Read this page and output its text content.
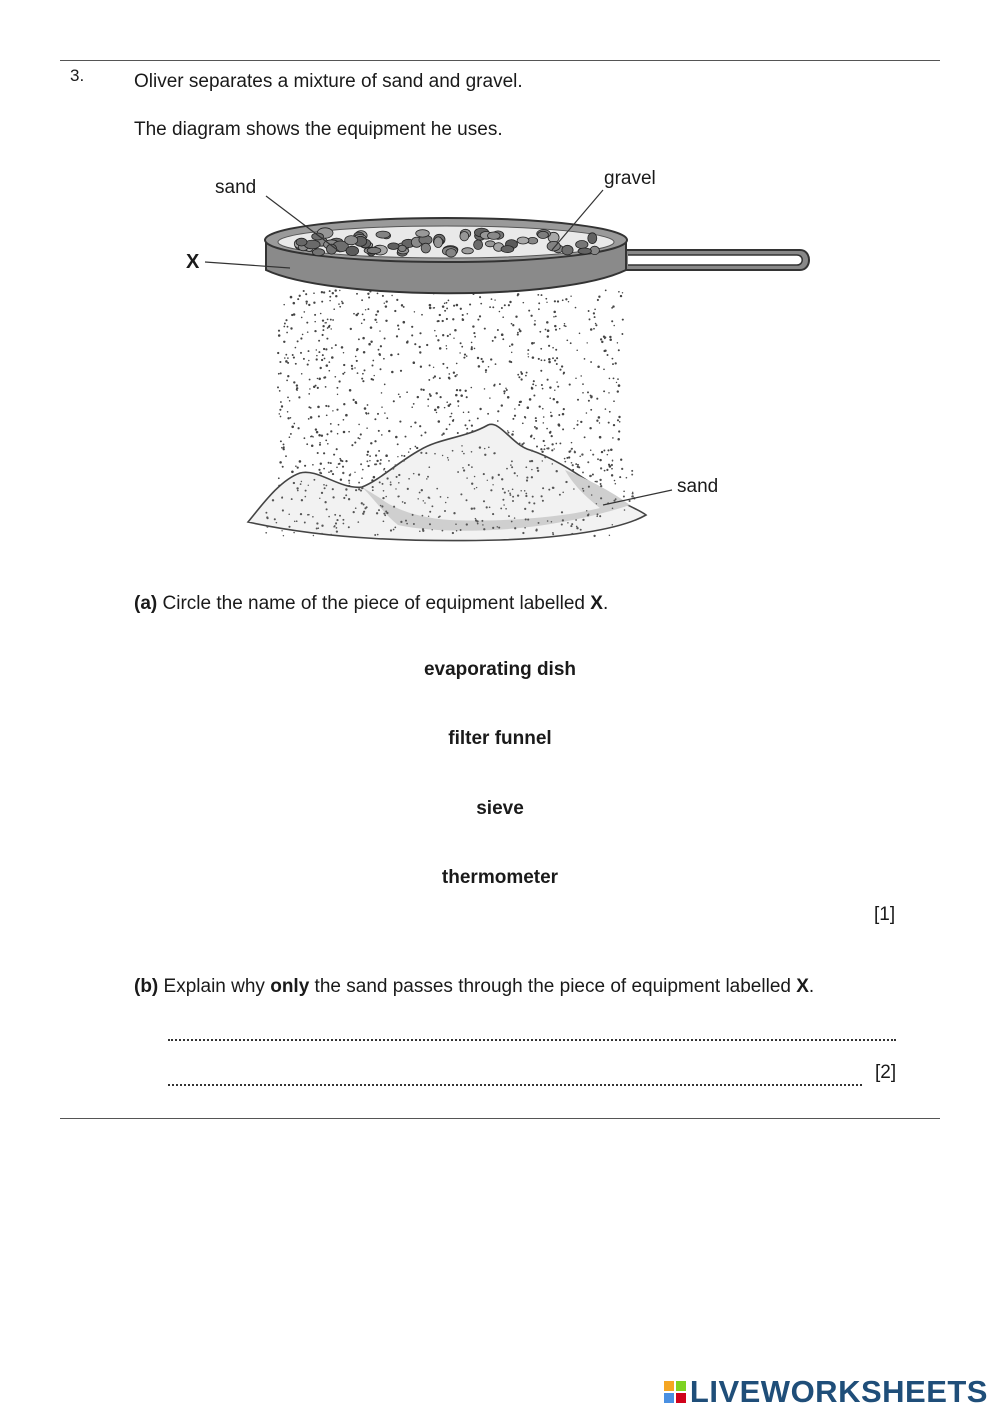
3.	Oliver separates a mixture of sand and gravel.
The diagram shows the equipment he uses.
sand	gravel
X
sand
(a) Circle the name of the piece of equipment labelled X.
evaporating dish
filter funnel
sieve
thermometer
[1]
(b) Explain why only the sand passes through the piece of equipment labelled X.
[2]
LIVEWORKSHEETS
